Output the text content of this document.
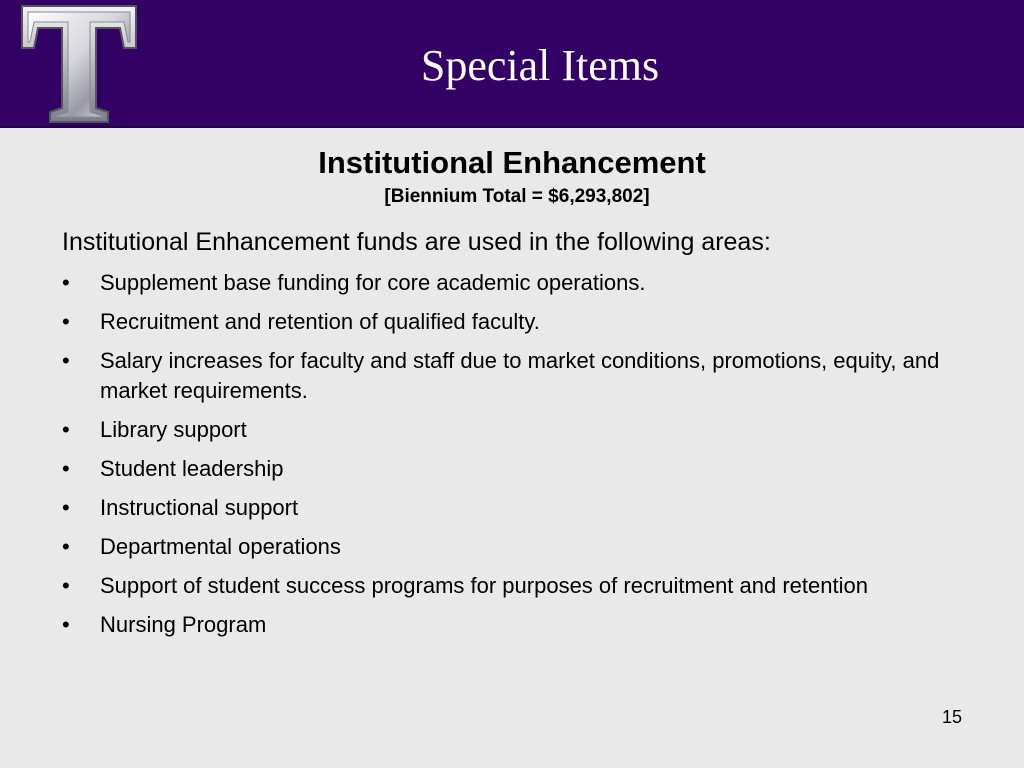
Special Items
Institutional Enhancement
[Biennium Total = $6,293,802]
Institutional Enhancement funds are used in the following areas:
•	Supplement base funding for core academic operations.
•	Recruitment and retention of qualified faculty.
•	Salary increases for faculty and staff due to market conditions, promotions, equity, and market requirements.
•	Library support
•	Student leadership
•	Instructional support
•	Departmental operations
•	Support of student success programs for purposes of recruitment and retention
•	Nursing Program
15
